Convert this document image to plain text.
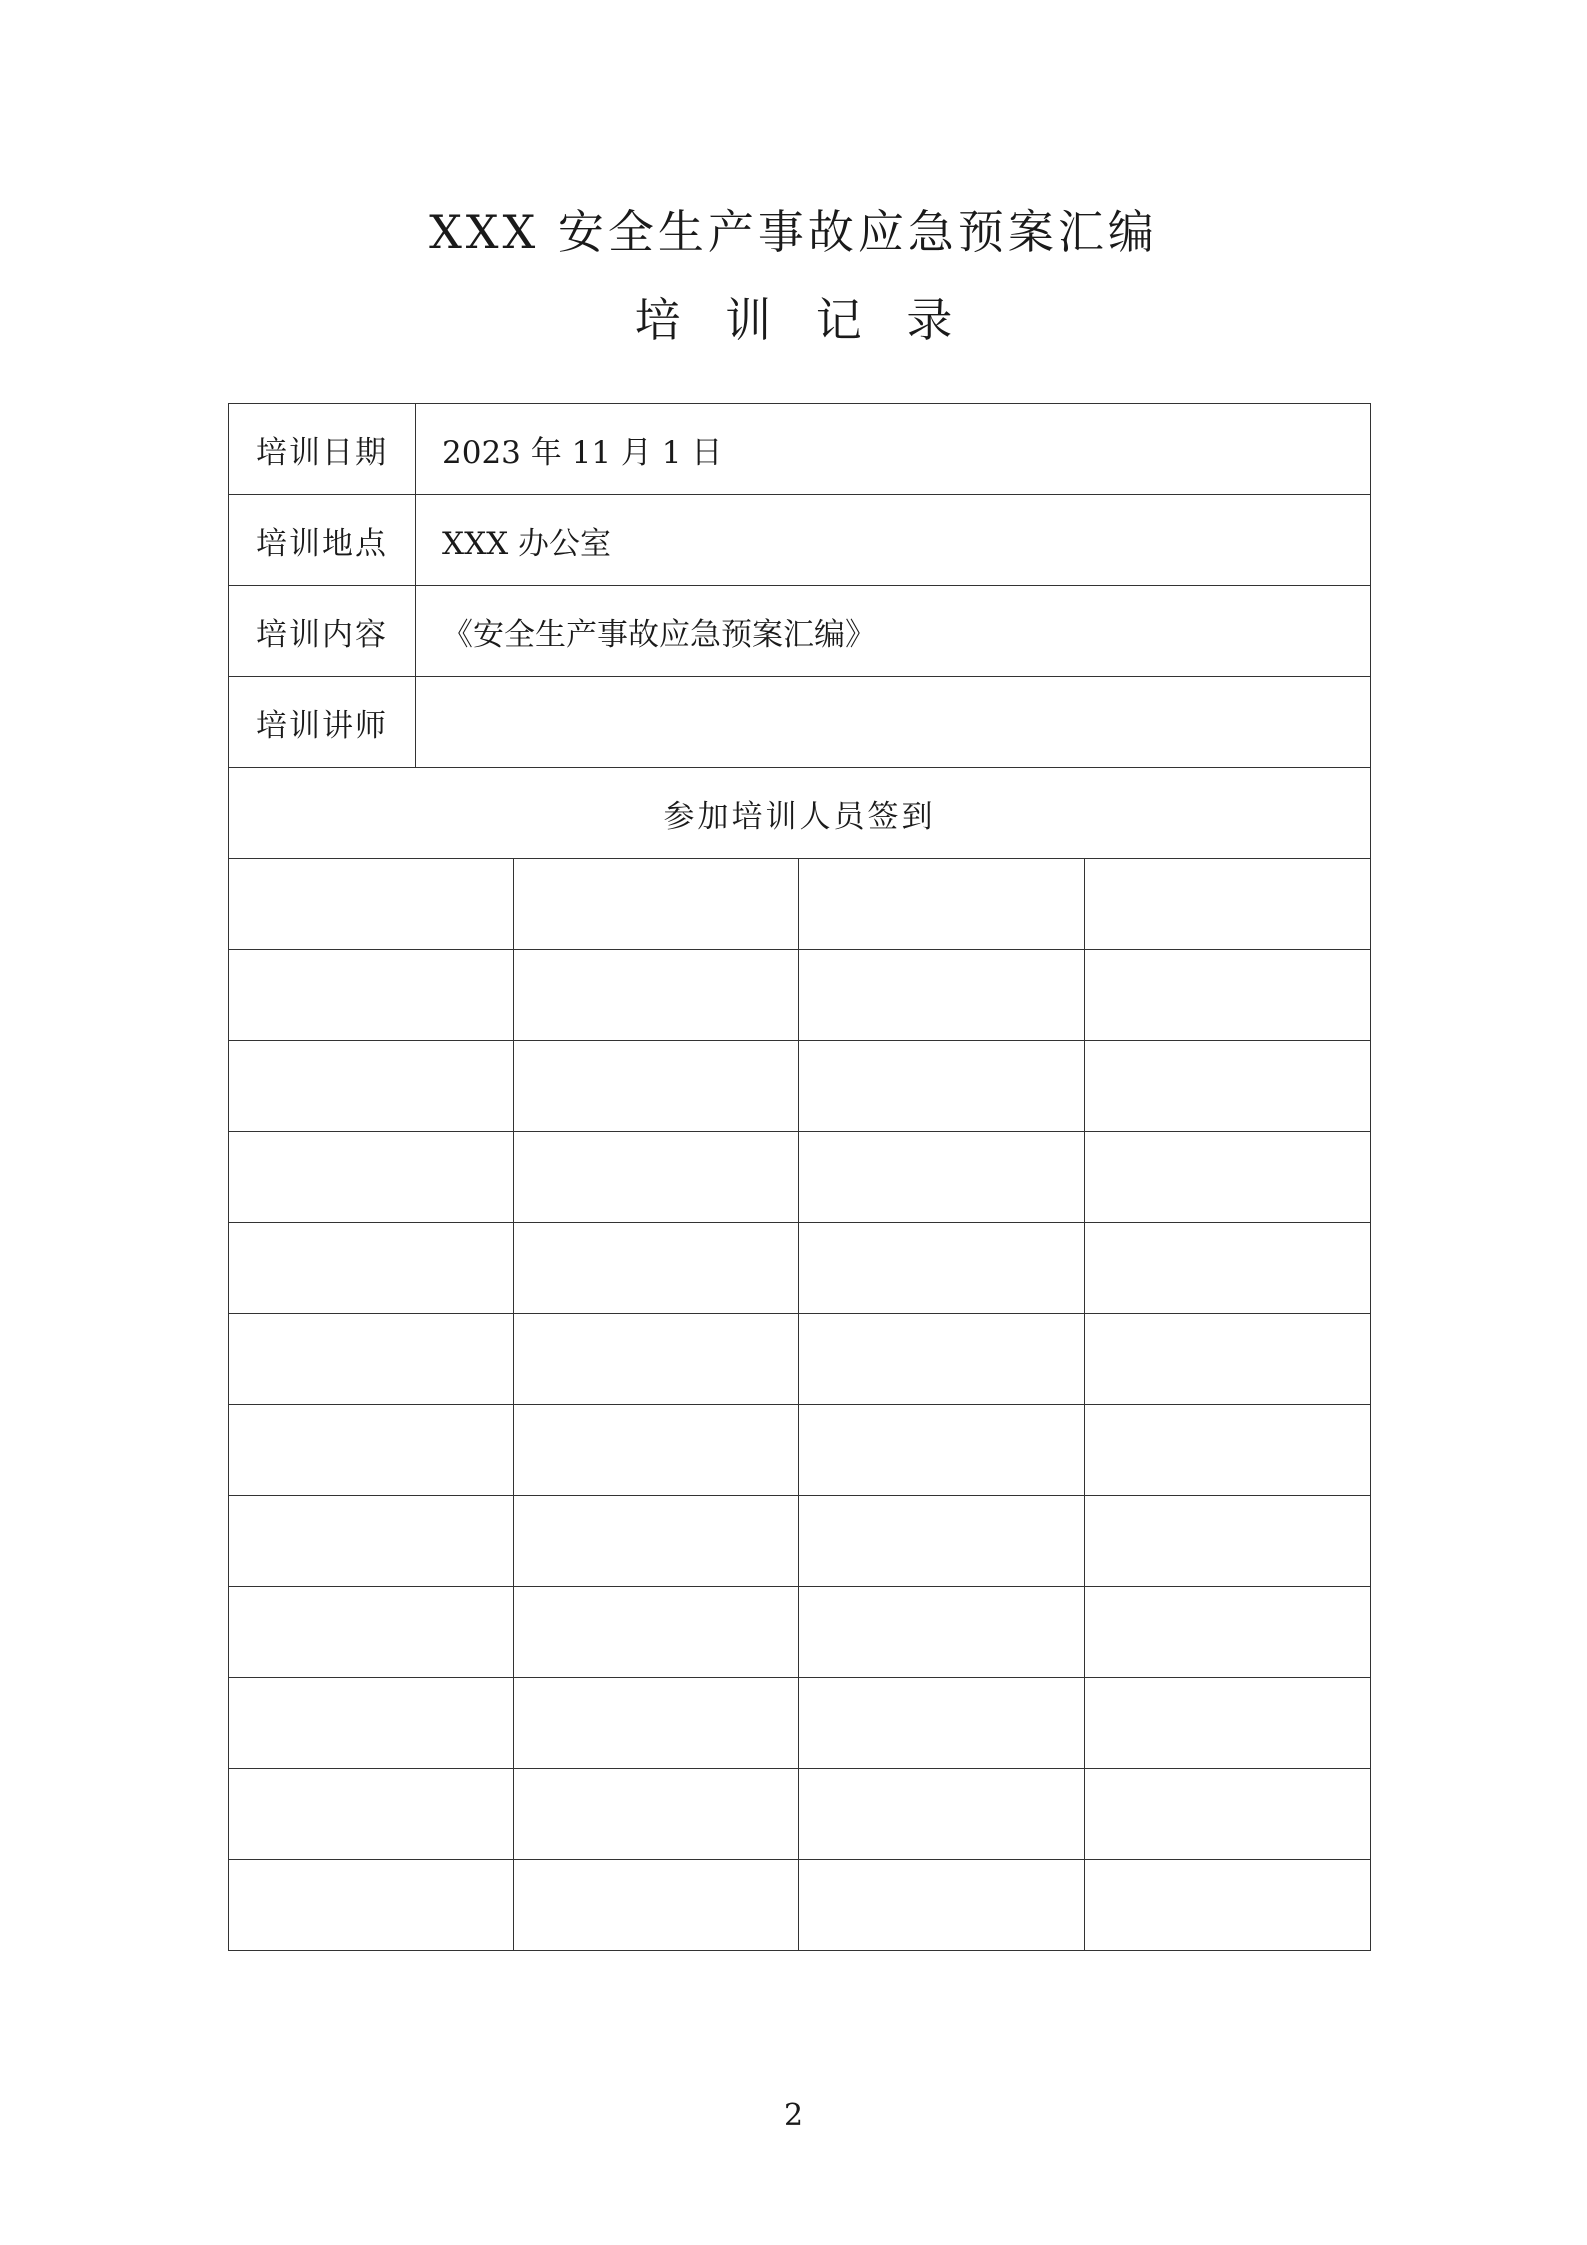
XXX 安全生产事故应急预案汇编
培 训 记 录
培训日期	2023 年 11 月 1 日			
培训地点	XXX 办公室			
培训内容	《安全生产事故应急预案汇编》			
培训讲师				
参加培训人员签到				

2
